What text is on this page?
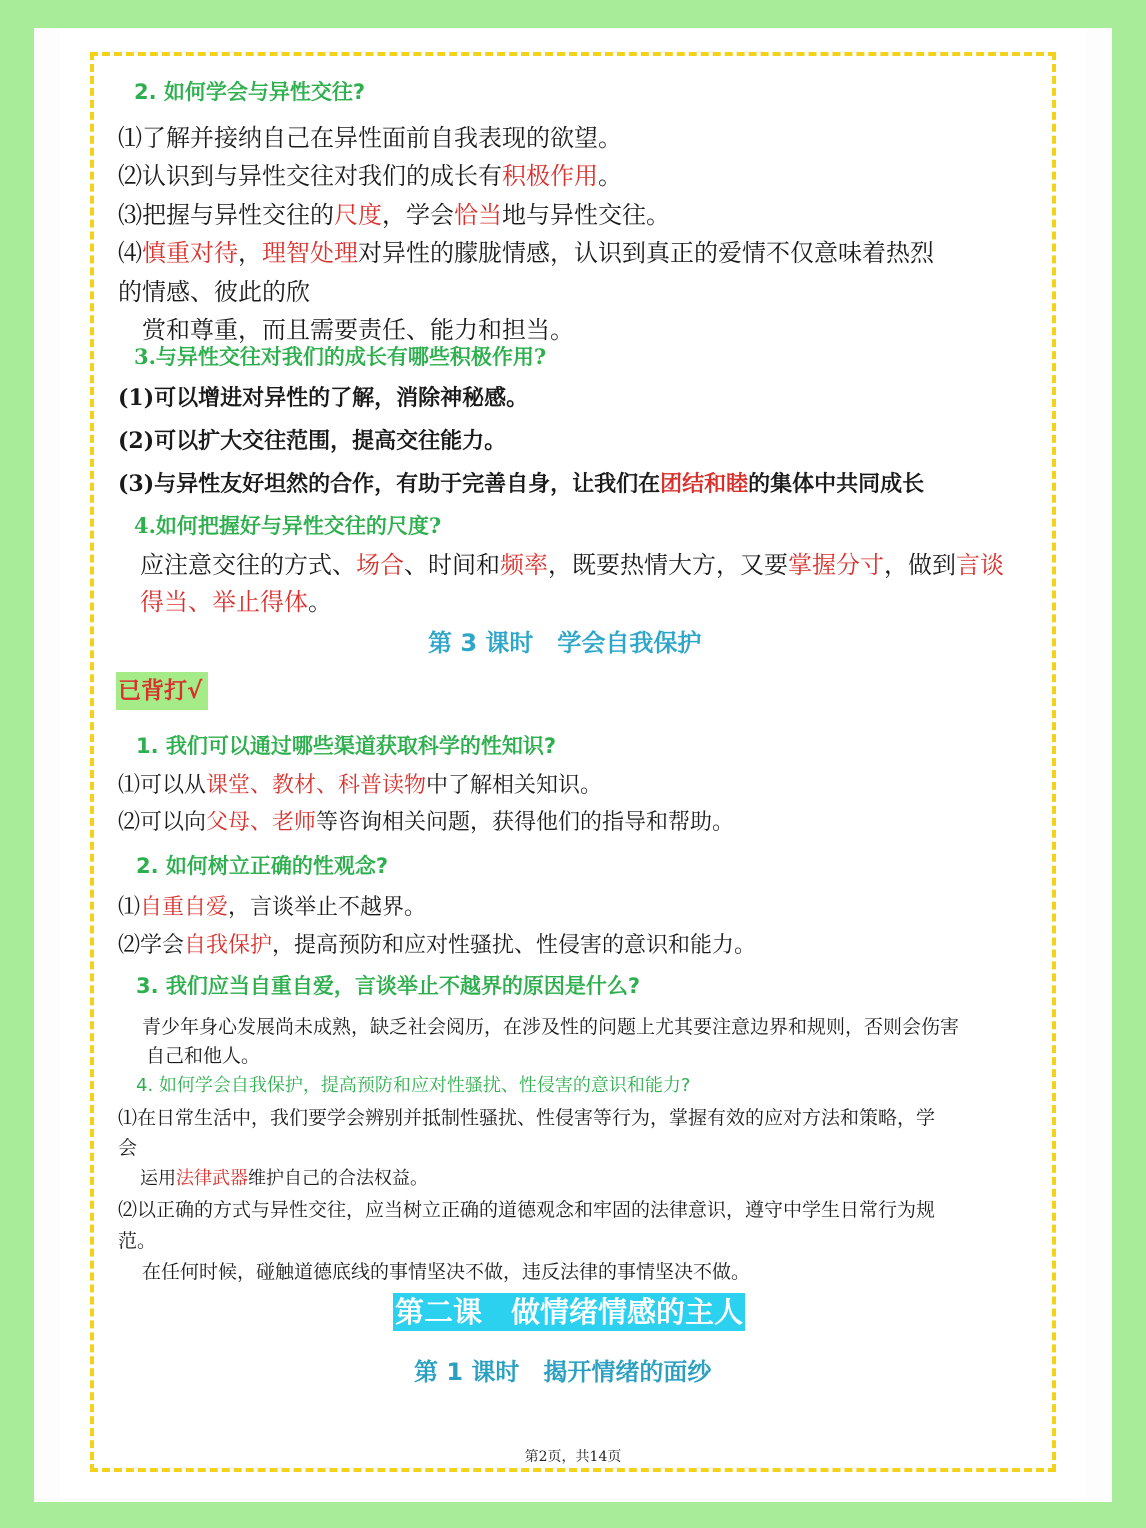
2. 如何学会与异性交往?
⑴了解并接纳自己在异性面前自我表现的欲望。
⑵认识到与异性交往对我们的成长有积极作用。
⑶把握与异性交往的尺度，学会恰当地与异性交往。
⑷慎重对待，理智处理对异性的朦胧情感，认识到真正的爱情不仅意味着热烈
的情感、彼此的欣
赏和尊重，而且需要责任、能力和担当。
3.与异性交往对我们的成长有哪些积极作用?
(1)可以增进对异性的了解，消除神秘感。
(2)可以扩大交往范围，提高交往能力。
(3)与异性友好坦然的合作，有助于完善自身，让我们在团结和睦的集体中共同成长
4.如何把握好与异性交往的尺度?
应注意交往的方式、场合、时间和频率，既要热情大方，又要掌握分寸，做到言谈
得当、举止得体。
第 3 课时　学会自我保护
已背打√
1. 我们可以通过哪些渠道获取科学的性知识?
⑴可以从课堂、教材、科普读物中了解相关知识。
⑵可以向父母、老师等咨询相关问题，获得他们的指导和帮助。
2. 如何树立正确的性观念?
⑴自重自爱，言谈举止不越界。
⑵学会自我保护，提高预防和应对性骚扰、性侵害的意识和能力。
3. 我们应当自重自爱，言谈举止不越界的原因是什么?
青少年身心发展尚未成熟，缺乏社会阅历，在涉及性的问题上尤其要注意边界和规则，否则会伤害
自己和他人。
4. 如何学会自我保护，提高预防和应对性骚扰、性侵害的意识和能力?
⑴在日常生活中，我们要学会辨别并抵制性骚扰、性侵害等行为，掌握有效的应对方法和策略，学
会
运用法律武器维护自己的合法权益。
⑵以正确的方式与异性交往，应当树立正确的道德观念和牢固的法律意识，遵守中学生日常行为规
范。
在任何时候，碰触道德底线的事情坚决不做，违反法律的事情坚决不做。
第二课　做情绪情感的主人
第 1 课时　揭开情绪的面纱
第2页，共14页
